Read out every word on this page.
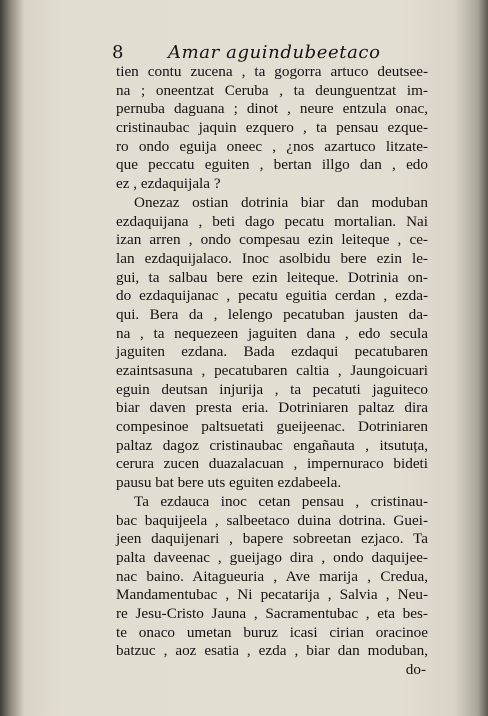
8 Amar aguindubeetaco
tien contu zucena , ta gogorra artuco deutsee-
na ; oneentzat Ceruba , ta deunguentzat im-
pernuba daguana ; dinot , neure entzula onac,
cristinaubac jaquin ezquero , ta pensau ezque-
ro ondo eguija oneec , ¿nos azartuco litzate-
que peccatu eguiten , bertan illgo dan , edo
ez , ezdaquijala ?
Onezaz ostian dotrinia biar dan moduban
ezdaquijana , beti dago pecatu mortalian. Nai
izan arren , ondo compesau ezin leiteque , ce-
lan ezdaquijalaco. Inoc asolbidu bere ezin le-
gui, ta salbau bere ezin leiteque. Dotrinia on-
do ezdaquijanac , pecatu eguitia cerdan , ezda-
qui. Bera da , lelengo pecatuban jausten da-
na , ta nequezeen jaguiten dana , edo secula
jaguiten ezdana. Bada ezdaqui pecatubaren
ezaintsasuna , pecatubaren caltia , Jaungoicuari
eguin deutsan injurija , ta pecatuti jaguiteco
biar daven presta eria. Dotriniaren paltaz dira
compesinoe paltsuetati gueijeenac. Dotriniaren
paltaz dagoz cristinaubac engañauta , itsutuța,
cerura zucen duazalacuan , impernuraco bideti
pausu bat bere uts eguiten ezdabeela.
Ta ezdauca inoc cetan pensau , cristinau-
bac baquijeela , salbeetaco duina dotrina. Guei-
jeen daquijenari , bapere sobreetan ezjaco. Ta
palta daveenac , gueijago dira , ondo daquijee-
nac baino. Aitagueuria , Ave marija , Credua,
Mandamentubac , Ni pecatarija , Salvia , Neu-
re Jesu-Cristo Jauna , Sacramentubac , eta bes-
te onaco umetan buruz icasi cirian oracinoe
batzuc , aoz esatia , ezda , biar dan moduban,
do-
